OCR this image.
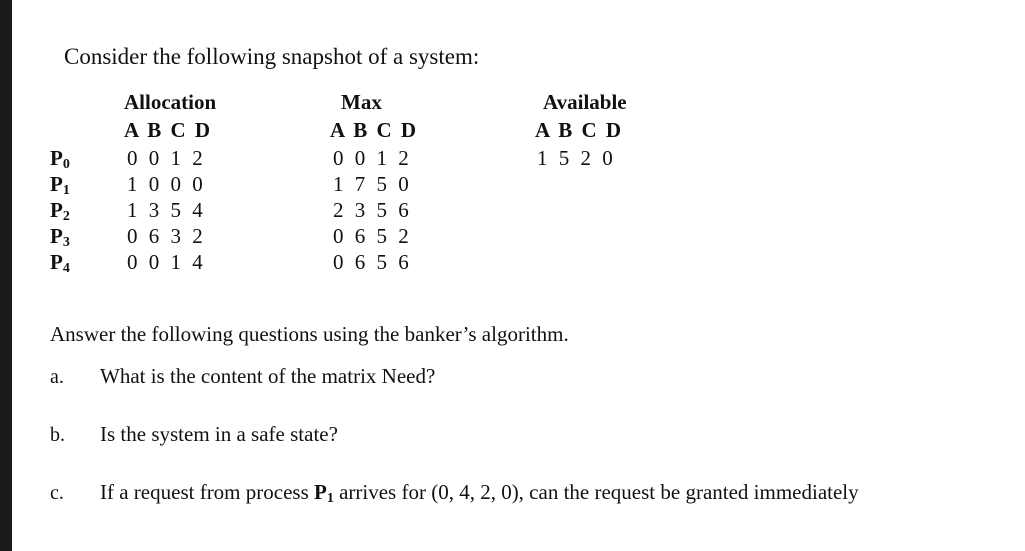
Consider the following snapshot of a system:
Allocation	Max	Available
A B C D	A B C D	A B C D
$P_0$	0 0 1 2	0 0 1 2	1 5 2 0
$P_1$	1 0 0 0	1 7 5 0
$P_2$	1 3 5 4	2 3 5 6
$P_3$	0 6 3 2	0 6 5 2
$P_4$	0 0 1 4	0 6 5 6
Answer the following questions using the banker’s algorithm.
a. What is the content of the matrix Need?
b. Is the system in a safe state?
c. If a request from process $P_1$ arrives for (0, 4, 2, 0), can the request be granted immediately
